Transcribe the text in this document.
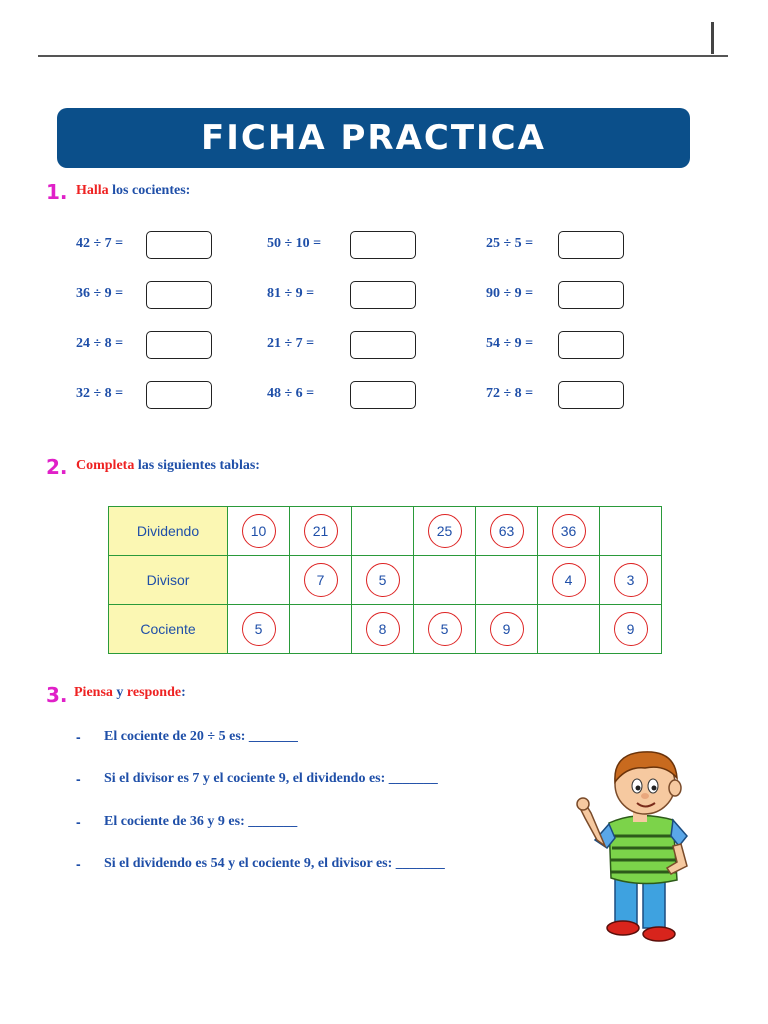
FICHA PRACTICA
1. Halla los cocientes:
42 ÷ 7 =	50 ÷ 10 =	25 ÷ 5 =
36 ÷ 9 =	81 ÷ 9 =	90 ÷ 9 =
24 ÷ 8 =	21 ÷ 7 =	54 ÷ 9 =
32 ÷ 8 =	48 ÷ 6 =	72 ÷ 8 =
2. Completa las siguientes tablas:
Dividendo	10	21		25	63	36	
Divisor		7	5			4	3
Cociente	5		8	5	9		9
3. Piensa y responde:
- El cociente de 20 ÷ 5 es: _______
- Si el divisor es 7 y el cociente 9, el dividendo es: _______
- El cociente de 36 y 9 es: _______
- Si el dividendo es 54 y el cociente 9, el divisor es: _______
